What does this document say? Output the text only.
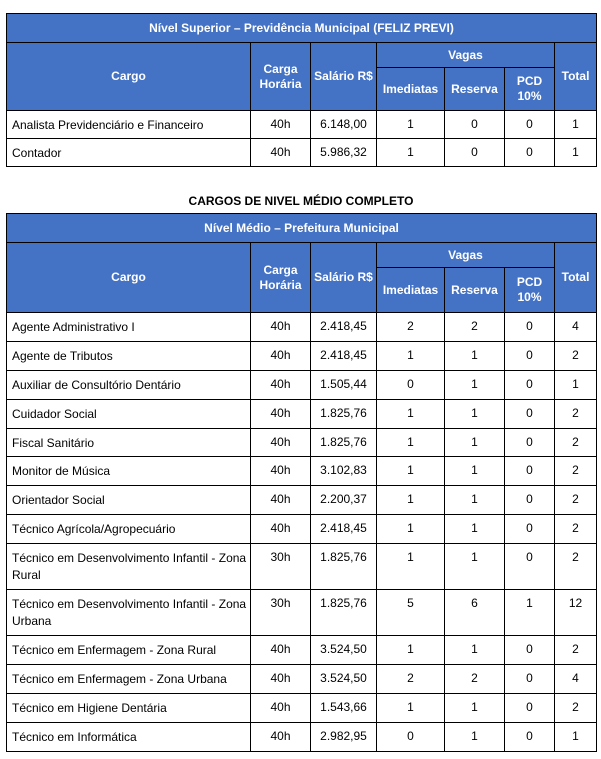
Nível Superior – Previdência Municipal (FELIZ PREVI)						
Cargo	Carga Horária	Salário R$	Vagas			Total
			Imediatas	Reserva	PCD 10%	
Analista Previdenciário e Financeiro	40h	6.148,00	1	0	0	1
Contador	40h	5.986,32	1	0	0	1
CARGOS DE NIVEL MÉDIO COMPLETO
Nível Médio – Prefeitura Municipal						
Cargo	Carga Horária	Salário R$	Vagas			Total
			Imediatas	Reserva	PCD 10%	
Agente Administrativo I	40h	2.418,45	2	2	0	4
Agente de Tributos	40h	2.418,45	1	1	0	2
Auxiliar de Consultório Dentário	40h	1.505,44	0	1	0	1
Cuidador Social	40h	1.825,76	1	1	0	2
Fiscal Sanitário	40h	1.825,76	1	1	0	2
Monitor de Música	40h	3.102,83	1	1	0	2
Orientador Social	40h	2.200,37	1	1	0	2
Técnico Agrícola/Agropecuário	40h	2.418,45	1	1	0	2
Técnico em Desenvolvimento Infantil - Zona Rural	30h	1.825,76	1	1	0	2
Técnico em Desenvolvimento Infantil - Zona Urbana	30h	1.825,76	5	6	1	12
Técnico em Enfermagem - Zona Rural	40h	3.524,50	1	1	0	2
Técnico em Enfermagem - Zona Urbana	40h	3.524,50	2	2	0	4
Técnico em Higiene Dentária	40h	1.543,66	1	1	0	2
Técnico em Informática	40h	2.982,95	0	1	0	1
